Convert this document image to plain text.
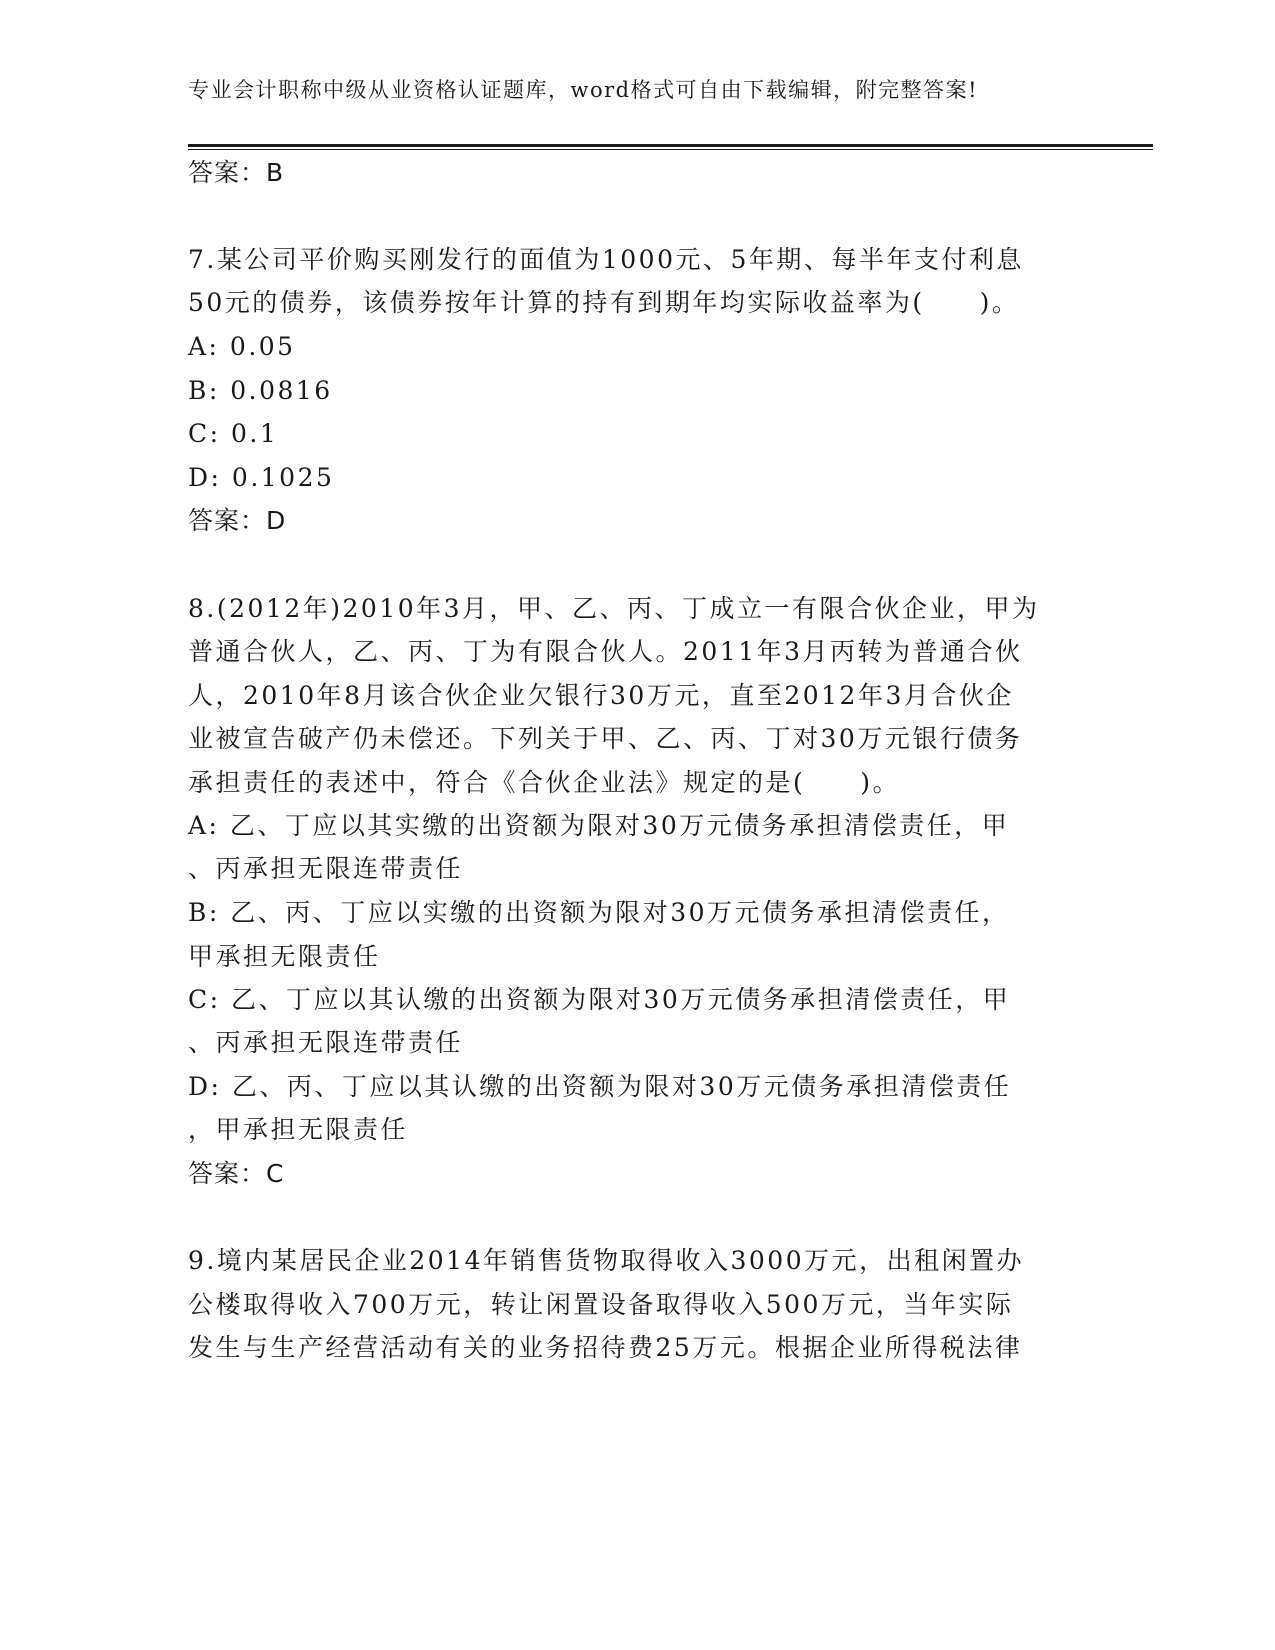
专业会计职称中级从业资格认证题库，word格式可自由下载编辑，附完整答案!
答案：B
7.某公司平价购买刚发行的面值为1000元、5年期、每半年支付利息
50元的债券，该债券按年计算的持有到期年均实际收益率为(　　)。
A: 0.05
B: 0.0816
C: 0.1
D: 0.1025
答案：D
8.(2012年)2010年3月，甲、乙、丙、丁成立一有限合伙企业，甲为
普通合伙人，乙、丙、丁为有限合伙人。2011年3月丙转为普通合伙
人，2010年8月该合伙企业欠银行30万元，直至2012年3月合伙企
业被宣告破产仍未偿还。下列关于甲、乙、丙、丁对30万元银行债务
承担责任的表述中，符合《合伙企业法》规定的是(　　)。
A: 乙、丁应以其实缴的出资额为限对30万元债务承担清偿责任，甲
、丙承担无限连带责任
B: 乙、丙、丁应以实缴的出资额为限对30万元债务承担清偿责任，
甲承担无限责任
C: 乙、丁应以其认缴的出资额为限对30万元债务承担清偿责任，甲
、丙承担无限连带责任
D: 乙、丙、丁应以其认缴的出资额为限对30万元债务承担清偿责任
，甲承担无限责任
答案：C
9.境内某居民企业2014年销售货物取得收入3000万元，出租闲置办
公楼取得收入700万元，转让闲置设备取得收入500万元，当年实际
发生与生产经营活动有关的业务招待费25万元。根据企业所得税法律
